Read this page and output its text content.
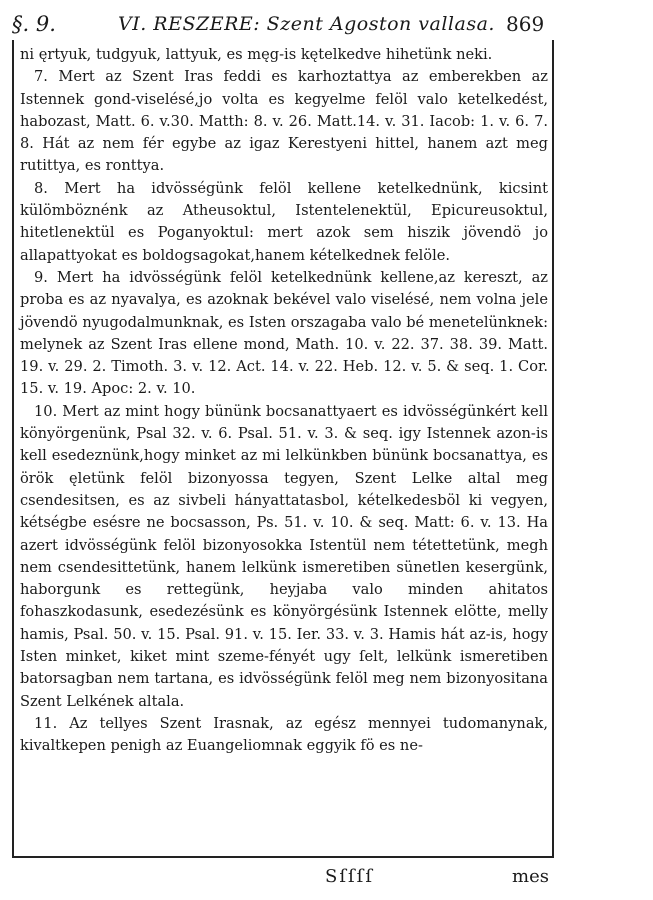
§. 9.	VI. RESZERE: Szent Agoston vallasa. 869

ni ęrtyuk, tudgyuk, lattyuk, es męg-is kętelkedve hihetünk neki.

7. Mert az Szent Iras feddi es karhoztattya az emberekben az Istennek gond-viselésé,jo volta es kegyelme felöl valo ketelkedést, habozast, Matt. 6. v.30. Matth: 8. v. 26. Matt.14. v. 31. Iacob: 1. v. 6. 7. 8. Hát az nem fér egybe az igaz Kerestyeni hittel, hanem azt meg rutittya, es ronttya.

8. Mert ha idvösségünk felöl kellene ketelkednünk, kicsint külömböznénk az Atheusoktul, Istentelenektül, Epicureusoktul, hitetlenektül es Poganyoktul: mert azok sem hiszik jövendö jo allapattyokat es boldogsagokat,hanem kételkednek felöle.

9. Mert ha idvösségünk felöl ketelkednünk kellene,az kereszt, az proba es az nyavalya, es azoknak bekével valo viselésé, nem volna jele jövendö nyugodalmunknak, es Isten orszagaba valo bé menetelünknek: melynek az Szent Iras ellene mond, Math. 10. v. 22. 37. 38. 39. Matt. 19. v. 29. 2. Timoth. 3. v. 12. Act. 14. v. 22. Heb. 12. v. 5. & seq. 1. Cor. 15. v. 19. Apoc: 2. v. 10.

10. Mert az mint hogy bününk bocsanattyaert es idvösségünkért kell könyörgenünk, Psal 32. v. 6. Psal. 51. v. 3. & seq. igy Istennek azon-is kell esedeznünk,hogy minket az mi lelkünkben bününk bocsanattya, es örök ęletünk felöl bizonyossa tegyen, Szent Lelke altal meg csendesitsen, es az sivbeli hányattatasbol, kételkedesböl ki vegyen, kétségbe esésre ne bocsasson, Ps. 51. v. 10. & seq. Matt: 6. v. 13. Ha azert idvösségünk felöl bizonyosokka Istentül nem tétettetünk, megh nem csendesittetünk, hanem lelkünk ismeretiben sünetlen kesergünk, haborgunk es rettegünk, heyjaba valo minden ahitatos fohaszkodasunk, esedezésünk es könyörgésünk Istennek elötte, melly hamis, Psal. 50. v. 15. Psal. 91. v. 15. Ier. 33. v. 3. Hamis hát az-is, hogy Isten minket, kiket mint szeme-fényét ugy ſelt, lelkünk ismeretiben batorsagban nem tartana, es idvösségünk felöl meg nem bizonyositana Szent Lelkének altala.

11. Az tellyes Szent Irasnak, az egész mennyei tudomanynak, kivaltkepen penigh az Euangeliomnak eggyik fö es ne-

Sſſſſ	mes
